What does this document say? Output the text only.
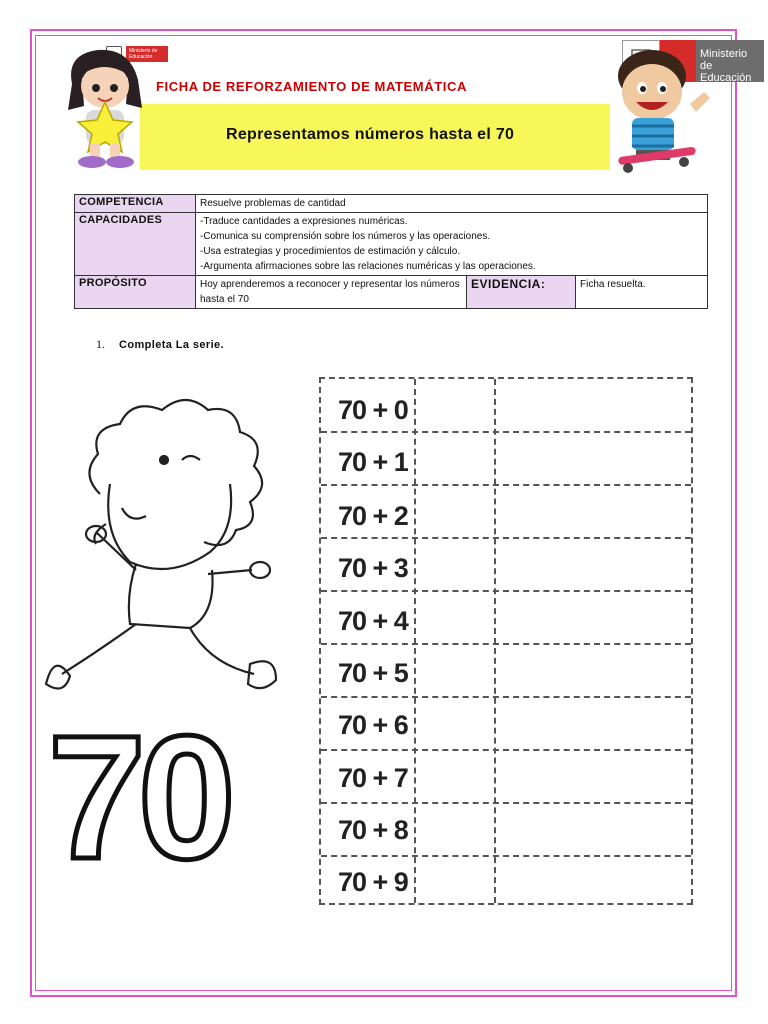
Ministerio de Educación	Ministerio de Educación
FICHA DE REFORZAMIENTO DE MATEMÁTICA
Representamos números hasta el 70
COMPETENCIA	Resuelve problemas de cantidad		
CAPACIDADES	-Traduce cantidades a expresiones numéricas.
-Comunica su comprensión sobre los números y las operaciones.
-Usa estrategias y procedimientos de estimación y cálculo.
-Argumenta afirmaciones sobre las relaciones numéricas y las operaciones.		

PROPÓSITO	Hoy aprenderemos a reconocer y representar los números hasta el 70	EVIDENCIA:	Ficha resuelta.
1. Completa La serie.
70
70 + 0
70 + 1
70 + 2
70 + 3
70 + 4
70 + 5
70 + 6
70 + 7
70 + 8
70 + 9
